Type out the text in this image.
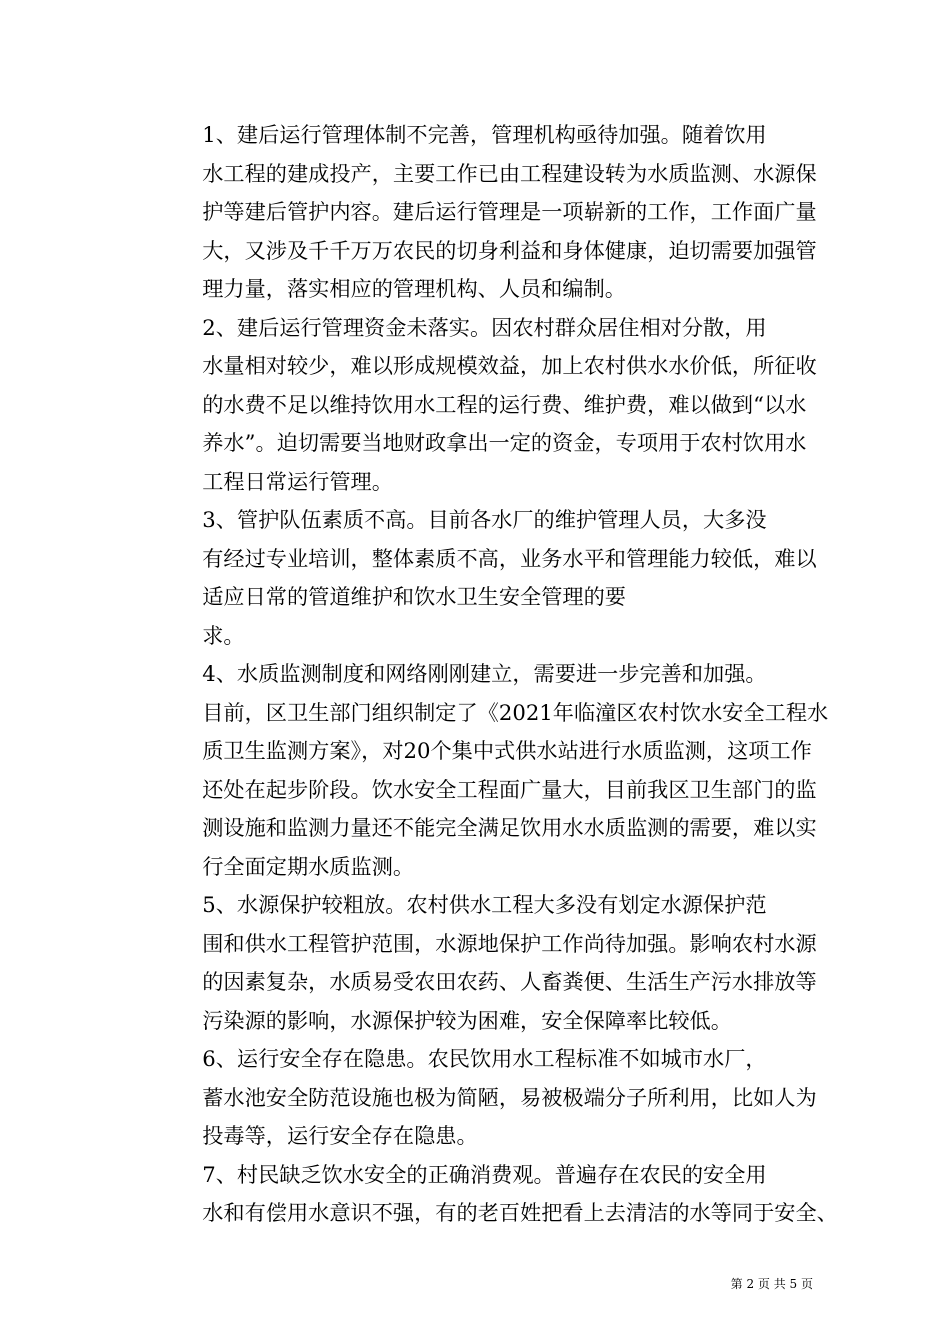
1、建后运行管理体制不完善，管理机构亟待加强。随着饮用
水工程的建成投产，主要工作已由工程建设转为水质监测、水源保
护等建后管护内容。建后运行管理是一项崭新的工作，工作面广量
大，又涉及千千万万农民的切身利益和身体健康，迫切需要加强管
理力量，落实相应的管理机构、人员和编制。

2、建后运行管理资金未落实。因农村群众居住相对分散，用
水量相对较少，难以形成规模效益，加上农村供水水价低，所征收
的水费不足以维持饮用水工程的运行费、维护费，难以做到“以水
养水”。迫切需要当地财政拿出一定的资金，专项用于农村饮用水
工程日常运行管理。

3、管护队伍素质不高。目前各水厂的维护管理人员，大多没
有经过专业培训，整体素质不高，业务水平和管理能力较低，难以
适应日常的管道维护和饮水卫生安全管理的要

求。

4、水质监测制度和网络刚刚建立，需要进一步完善和加强。
目前，区卫生部门组织制定了《2021年临潼区农村饮水安全工程水
质卫生监测方案》，对20个集中式供水站进行水质监测，这项工作
还处在起步阶段。饮水安全工程面广量大，目前我区卫生部门的监
测设施和监测力量还不能完全满足饮用水水质监测的需要，难以实
行全面定期水质监测。

5、水源保护较粗放。农村供水工程大多没有划定水源保护范
围和供水工程管护范围，水源地保护工作尚待加强。影响农村水源
的因素复杂，水质易受农田农药、人畜粪便、生活生产污水排放等
污染源的影响，水源保护较为困难，安全保障率比较低。

6、运行安全存在隐患。农民饮用水工程标准不如城市水厂，
蓄水池安全防范设施也极为简陋，易被极端分子所利用，比如人为
投毒等，运行安全存在隐患。

7、村民缺乏饮水安全的正确消费观。普遍存在农民的安全用
水和有偿用水意识不强，有的老百姓把看上去清洁的水等同于安全、

第 2 页 共 5 页
